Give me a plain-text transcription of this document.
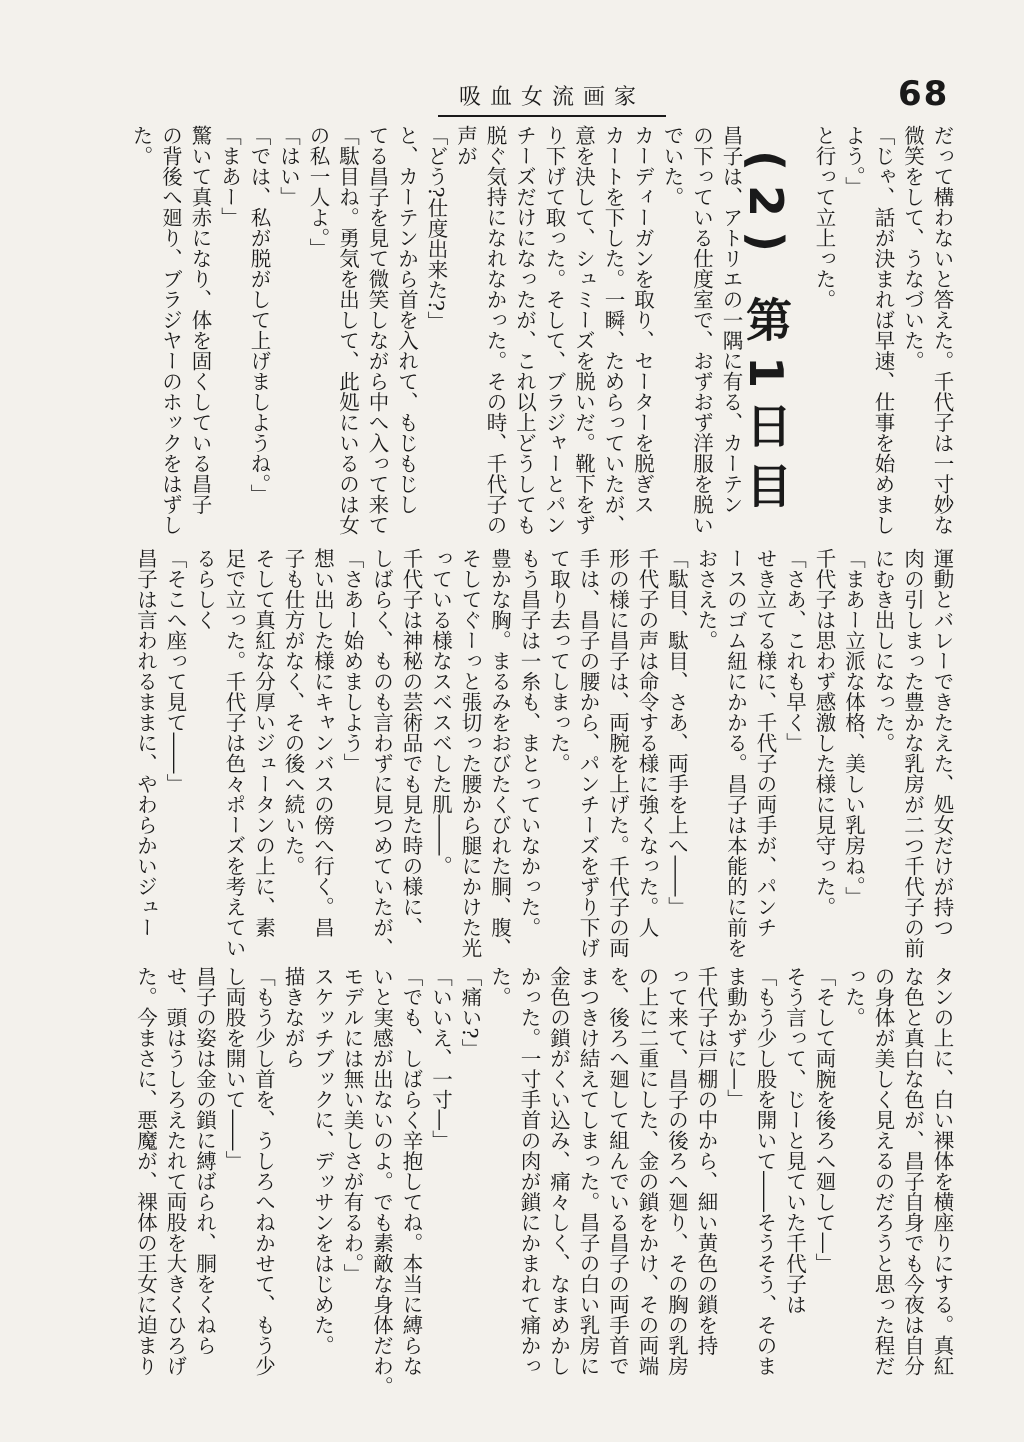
吸血女流画家	68
だって構わないと答えた。千代子は一寸妙な
微笑をして、うなづいた。
「じゃ、話が決まれば早速、仕事を始めまし
よう。」
と行って立上った。
(2) 第1日目
昌子は、アトリエの一隅に有る、カーテン
の下っている仕度室で、おずおず洋服を脱い
でいた。
カーディーガンを取り、セーターを脱ぎス
カートを下した。一瞬、ためらっていたが、
意を決して、シュミーズを脱いだ。靴下をず
り下げて取った。そして、ブラジャーとパン
チーズだけになったが、これ以上どうしても
脱ぐ気持になれなかった。その時、千代子の
声が
「どう?仕度出来た?」
と、カーテンから首を入れて、もじもじし
てる昌子を見て微笑しながら中へ入って来て
「駄目ね。勇気を出して、此処にいるのは女
の私一人よ。」
「はい」
「では、私が脱がして上げましようね。」
「まあー」
驚いて真赤になり、体を固くしている昌子
の背後へ廻り、ブラジヤーのホックをはずし
た。
運動とバレーできたえた、処女だけが持つ
肉の引しまった豊かな乳房が二つ千代子の前
にむき出しになった。
「まあー立派な体格、美しい乳房ね。」
千代子は思わず感激した様に見守った。
「さあ、これも早く」
せき立てる様に、千代子の両手が、パンチ
ースのゴム紐にかかる。昌子は本能的に前を
おさえた。
「駄目、駄目、さあ、両手を上へ――」
千代子の声は命令する様に強くなった。人
形の様に昌子は、両腕を上げた。千代子の両
手は、昌子の腰から、パンチーズをずり下げ
て取り去ってしまった。
もう昌子は一糸も、まとっていなかった。
豊かな胸。まるみをおびたくびれた胴、腹、
そしてぐーっと張切った腰から腿にかけた光
っている様なスベスベした肌――。
千代子は神秘の芸術品でも見た時の様に、
しばらく、ものも言わずに見つめていたが、
「さあー始めましよう」
想い出した様にキャンバスの傍へ行く。昌
子も仕方がなく、その後へ続いた。
そして真紅な分厚いジュータンの上に、素
足で立った。千代子は色々ポーズを考えてい
るらしく
「そこへ座って見て――」
昌子は言われるままに、やわらかいジュー
タンの上に、白い裸体を横座りにする。真紅
な色と真白な色が、昌子自身でも今夜は自分
の身体が美しく見えるのだろうと思った程だ
った。
「そして両腕を後ろへ廻して―」
そう言って、じーと見ていた千代子は
「もう少し股を開いて――そうそう、そのま
ま動かずに―」
千代子は戸棚の中から、細い黄色の鎖を持
って来て、昌子の後ろへ廻り、その胸の乳房
の上に二重にした、金の鎖をかけ、その両端
を、後ろへ廻して組んでいる昌子の両手首で
まつきけ結えてしまった。昌子の白い乳房に
金色の鎖がくい込み、痛々しく、なまめかし
かった。一寸手首の肉が鎖にかまれて痛かっ
た。
「痛い?」
「いいえ、一寸―」
「でも、しばらく辛抱してね。本当に縛らな
いと実感が出ないのよ。でも素敵な身体だわ。
モデルには無い美しさが有るわ。」
スケッチブックに、デッサンをはじめた。
描きながら
「もう少し首を、うしろへねかせて、もう少
し両股を開いて――」
昌子の姿は金の鎖に縛ばられ、胴をくねら
せ、頭はうしろえたれて両股を大きくひろげ
た。今まさに、悪魔が、裸体の王女に迫まり
